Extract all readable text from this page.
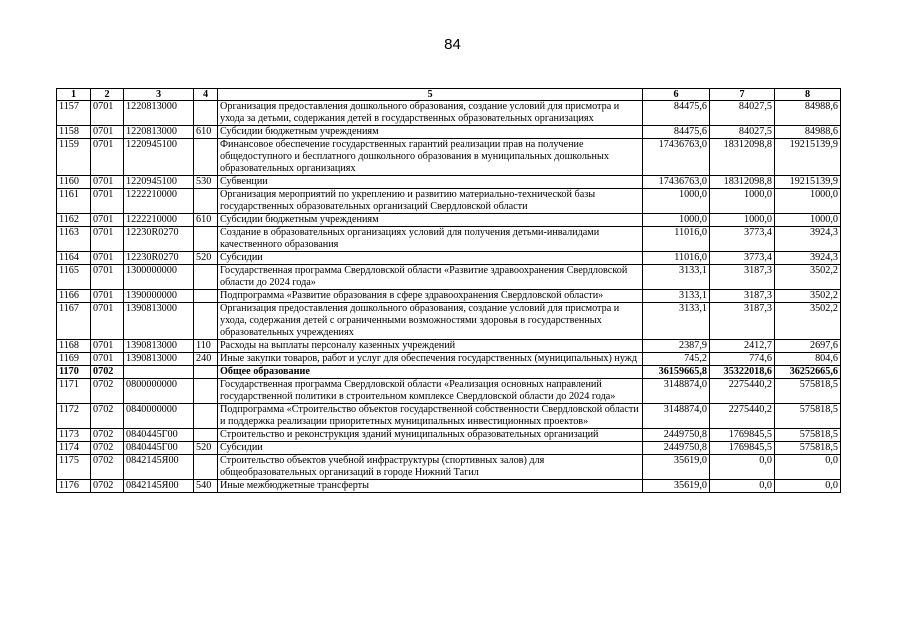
84
1	2	3	4	5	6	7	8
1157	0701	1220813000		Организация предоставления дошкольного образования, создание условий для присмотра и ухода за детьми, содержания детей в государственных образовательных организациях	84475,6	84027,5	84988,6
1158	0701	1220813000	610	Субсидии бюджетным учреждениям	84475,6	84027,5	84988,6
1159	0701	1220945100		Финансовое обеспечение государственных гарантий реализации прав на получение общедоступного и бесплатного дошкольного образования в муниципальных дошкольных образовательных организациях	17436763,0	18312098,8	19215139,9
1160	0701	1220945100	530	Субвенции	17436763,0	18312098,8	19215139,9
1161	0701	1222210000		Организация мероприятий по укреплению и развитию материально-технической базы государственных образовательных организаций Свердловской области	1000,0	1000,0	1000,0
1162	0701	1222210000	610	Субсидии бюджетным учреждениям	1000,0	1000,0	1000,0
1163	0701	12230R0270		Создание в образовательных организациях условий для получения детьми-инвалидами качественного образования	11016,0	3773,4	3924,3
1164	0701	12230R0270	520	Субсидии	11016,0	3773,4	3924,3
1165	0701	1300000000		Государственная программа Свердловской области «Развитие здравоохранения Свердловской области до 2024 года»	3133,1	3187,3	3502,2
1166	0701	1390000000		Подпрограмма «Развитие образования в сфере здравоохранения Свердловской области»	3133,1	3187,3	3502,2
1167	0701	1390813000		Организация предоставления дошкольного образования, создание условий для присмотра и ухода, содержания детей с ограниченными возможностями здоровья в государственных образовательных учреждениях	3133,1	3187,3	3502,2
1168	0701	1390813000	110	Расходы на выплаты персоналу казенных учреждений	2387,9	2412,7	2697,6
1169	0701	1390813000	240	Иные закупки товаров, работ и услуг для обеспечения государственных (муниципальных) нужд	745,2	774,6	804,6
1170	0702			Общее образование	36159665,8	35322018,6	36252665,6
1171	0702	0800000000		Государственная программа Свердловской области «Реализация основных направлений государственной политики в строительном комплексе Свердловской области до 2024 года»	3148874,0	2275440,2	575818,5
1172	0702	0840000000		Подпрограмма «Строительство объектов государственной собственности Свердловской области и поддержка реализации приоритетных муниципальных инвестиционных проектов»	3148874,0	2275440,2	575818,5
1173	0702	0840445Г00		Строительство и реконструкция зданий муниципальных образовательных организаций	2449750,8	1769845,5	575818,5
1174	0702	0840445Г00	520	Субсидии	2449750,8	1769845,5	575818,5
1175	0702	0842145Я00		Строительство объектов учебной инфраструктуры (спортивных залов) для общеобразовательных организаций в городе Нижний Тагил	35619,0	0,0	0,0
1176	0702	0842145Я00	540	Иные межбюджетные трансферты	35619,0	0,0	0,0
